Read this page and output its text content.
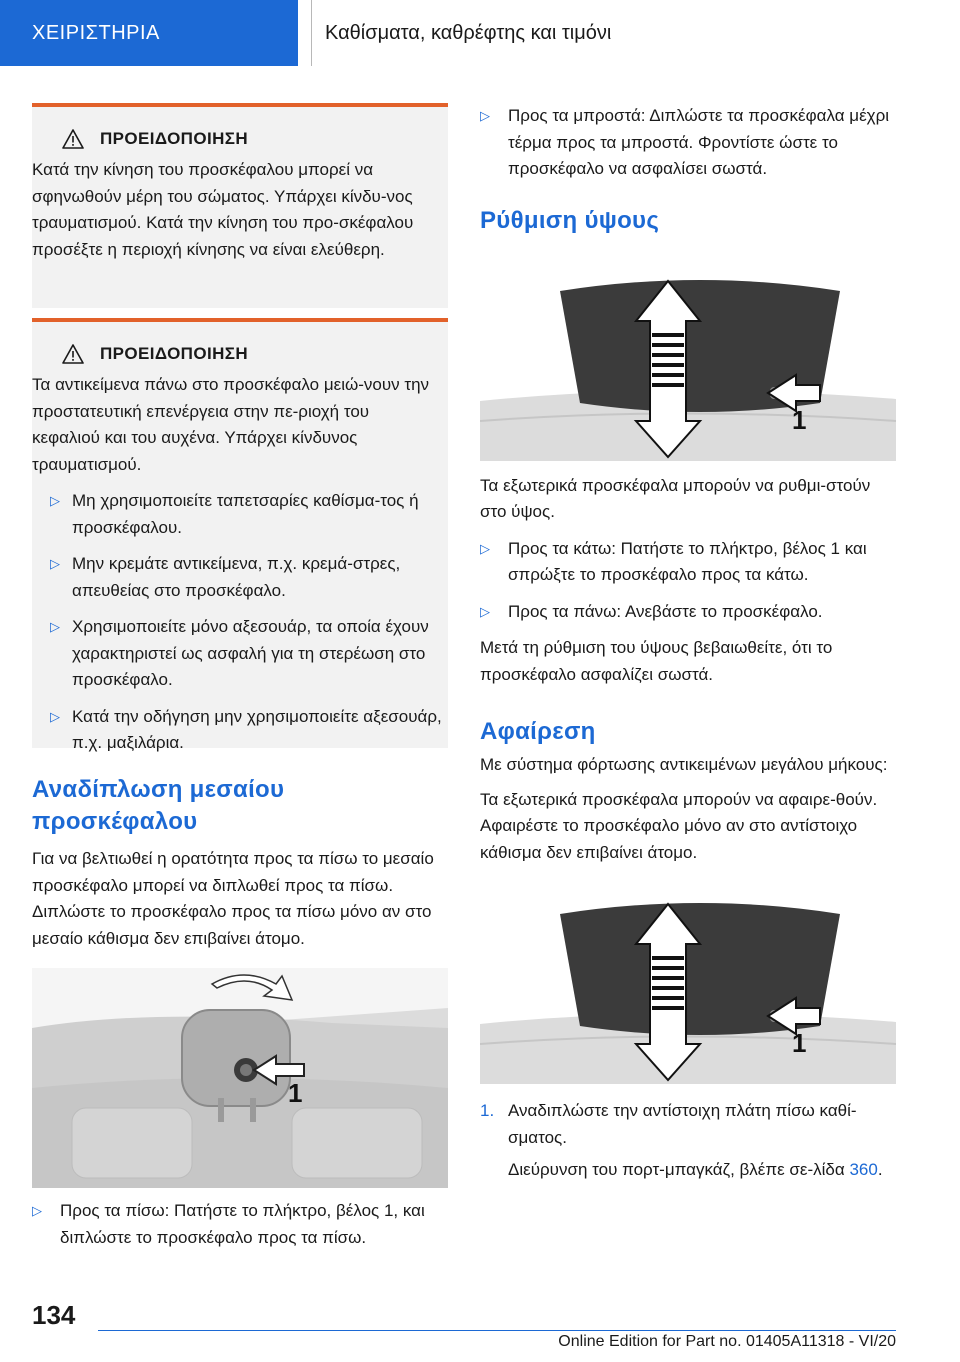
ΧΕΙΡΙΣΤΗΡΙΑ	Καθίσματα, καθρέφτης και τιμόνι
ΠΡΟΕΙΔΟΠΟΙΗΣΗ

Κατά την κίνηση του προσκέφαλου μπορεί να σφηνωθούν μέρη του σώματος. Υπάρχει κίνδυ-νος τραυματισμού. Κατά την κίνηση του προ-σκέφαλου προσέξτε η περιοχή κίνησης να είναι ελεύθερη.

ΠΡΟΕΙΔΟΠΟΙΗΣΗ

Τα αντικείμενα πάνω στο προσκέφαλο μειώ-νουν την προστατευτική επενέργεια στην πε-ριοχή του κεφαλιού και του αυχένα. Υπάρχει κίνδυνος τραυματισμού.

▷ Μη χρησιμοποιείτε ταπετσαρίες καθίσμα-τος ή προσκέφαλου.
▷ Μην κρεμάτε αντικείμενα, π.χ. κρεμά-στρες, απευθείας στο προσκέφαλο.
▷ Χρησιμοποιείτε μόνο αξεσουάρ, τα οποία έχουν χαρακτηριστεί ως ασφαλή για τη στερέωση στο προσκέφαλο.
▷ Κατά την οδήγηση μην χρησιμοποιείτε αξεσουάρ, π.χ. μαξιλάρια.
Αναδίπλωση μεσαίου προσκέφαλου

Για να βελτιωθεί η ορατότητα προς τα πίσω το μεσαίο προσκέφαλο μπορεί να διπλωθεί προς τα πίσω. Διπλώστε το προσκέφαλο προς τα πίσω μόνο αν στο μεσαίο κάθισμα δεν επιβαίνει άτομο.

1
▷	Προς τα πίσω: Πατήστε το πλήκτρο, βέλος 1, και διπλώστε το προσκέφαλο προς τα πίσω.
▷	Προς τα μπροστά: Διπλώστε τα προσκέφαλα μέχρι τέρμα προς τα μπροστά. Φροντίστε ώστε το προσκέφαλο να ασφαλίσει σωστά.
Ρύθμιση ύψους
1

Τα εξωτερικά προσκέφαλα μπορούν να ρυθμι-στούν στο ύψος.

▷	Προς τα κάτω: Πατήστε το πλήκτρο, βέλος 1 και σπρώξτε το προσκέφαλο προς τα κάτω.
▷	Προς τα πάνω: Ανεβάστε το προσκέφαλο.

Μετά τη ρύθμιση του ύψους βεβαιωθείτε, ότι το προσκέφαλο ασφαλίζει σωστά.

Αφαίρεση

Με σύστημα φόρτωσης αντικειμένων μεγάλου μήκους:

Τα εξωτερικά προσκέφαλα μπορούν να αφαιρε-θούν. Αφαιρέστε το προσκέφαλο μόνο αν στο αντίστοιχο κάθισμα δεν επιβαίνει άτομο.

1
1. Αναδιπλώστε την αντίστοιχη πλάτη πίσω καθί-σματος.

Διεύρυνση του πορτ-μπαγκάζ, βλέπε σε-λίδα 360.

134
Online Edition for Part no. 01405A11318 - VI/20
